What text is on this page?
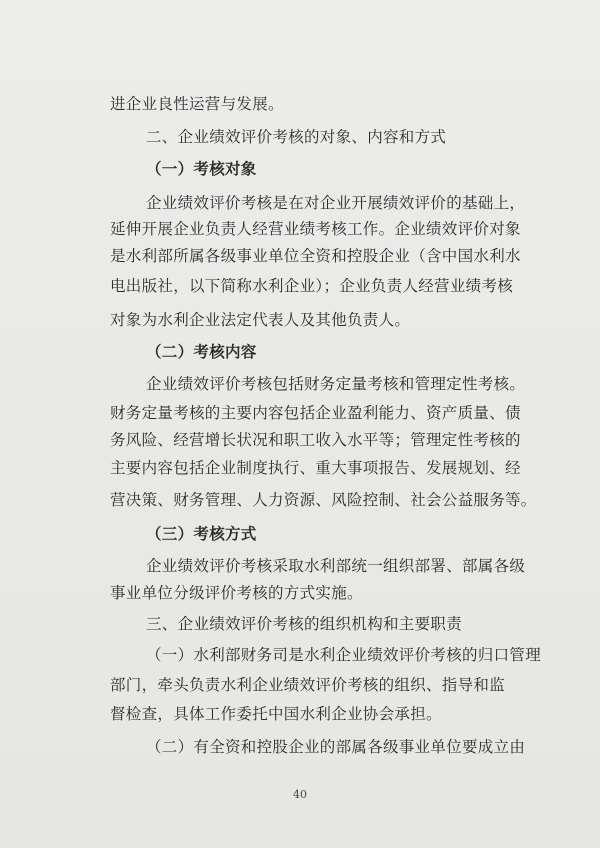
进企业良性运营与发展。
二、企业绩效评价考核的对象、内容和方式
（一）考核对象
企业绩效评价考核是在对企业开展绩效评价的基础上，
延伸开展企业负责人经营业绩考核工作。企业绩效评价对象
是水利部所属各级事业单位全资和控股企业（含中国水利水
电出版社，以下简称水利企业）；企业负责人经营业绩考核
对象为水利企业法定代表人及其他负责人。
（二）考核内容
企业绩效评价考核包括财务定量考核和管理定性考核。
财务定量考核的主要内容包括企业盈利能力、资产质量、债
务风险、经营增长状况和职工收入水平等；管理定性考核的
主要内容包括企业制度执行、重大事项报告、发展规划、经
营决策、财务管理、人力资源、风险控制、社会公益服务等。
（三）考核方式
企业绩效评价考核采取水利部统一组织部署、部属各级
事业单位分级评价考核的方式实施。
三、企业绩效评价考核的组织机构和主要职责
（一）水利部财务司是水利企业绩效评价考核的归口管理
部门，牵头负责水利企业绩效评价考核的组织、指导和监
督检查，具体工作委托中国水利企业协会承担。
（二）有全资和控股企业的部属各级事业单位要成立由
40
